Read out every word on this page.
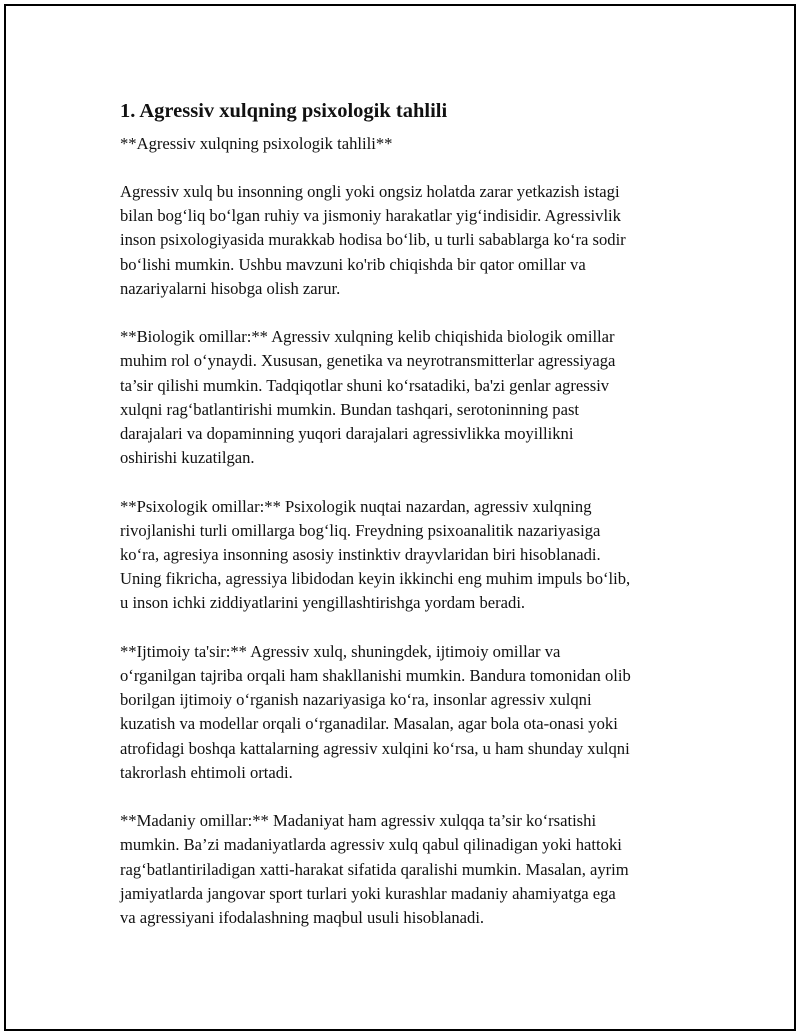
1. Agressiv xulqning psixologik tahlili
**Agressiv xulqning psixologik tahlili**

Agressiv xulq bu insonning ongli yoki ongsiz holatda zarar yetkazish istagi
bilan bog‘liq bo‘lgan ruhiy va jismoniy harakatlar yig‘indisidir. Agressivlik
inson psixologiyasida murakkab hodisa bo‘lib, u turli sabablarga ko‘ra sodir
bo‘lishi mumkin. Ushbu mavzuni ko'rib chiqishda bir qator omillar va
nazariyalarni hisobga olish zarur.

**Biologik omillar:** Agressiv xulqning kelib chiqishida biologik omillar
muhim rol o‘ynaydi. Xususan, genetika va neyrotransmitterlar agressiyaga
ta’sir qilishi mumkin. Tadqiqotlar shuni ko‘rsatadiki, ba'zi genlar agressiv
xulqni rag‘batlantirishi mumkin. Bundan tashqari, serotoninning past
darajalari va dopaminning yuqori darajalari agressivlikka moyillikni
oshirishi kuzatilgan.

**Psixologik omillar:** Psixologik nuqtai nazardan, agressiv xulqning
rivojlanishi turli omillarga bog‘liq. Freydning psixoanalitik nazariyasiga
ko‘ra, agresiya insonning asosiy instinktiv drayvlaridan biri hisoblanadi.
Uning fikricha, agressiya libidodan keyin ikkinchi eng muhim impuls bo‘lib,
u inson ichki ziddiyatlarini yengillashtirishga yordam beradi.

**Ijtimoiy ta'sir:** Agressiv xulq, shuningdek, ijtimoiy omillar va
o‘rganilgan tajriba orqali ham shakllanishi mumkin. Bandura tomonidan olib
borilgan ijtimoiy o‘rganish nazariyasiga ko‘ra, insonlar agressiv xulqni
kuzatish va modellar orqali o‘rganadilar. Masalan, agar bola ota-onasi yoki
atrofidagi boshqa kattalarning agressiv xulqini ko‘rsa, u ham shunday xulqni
takrorlash ehtimoli ortadi.

**Madaniy omillar:** Madaniyat ham agressiv xulqqa ta’sir ko‘rsatishi
mumkin. Ba’zi madaniyatlarda agressiv xulq qabul qilinadigan yoki hattoki
rag‘batlantiriladigan xatti-harakat sifatida qaralishi mumkin. Masalan, ayrim
jamiyatlarda jangovar sport turlari yoki kurashlar madaniy ahamiyatga ega
va agressiyani ifodalashning maqbul usuli hisoblanadi.
